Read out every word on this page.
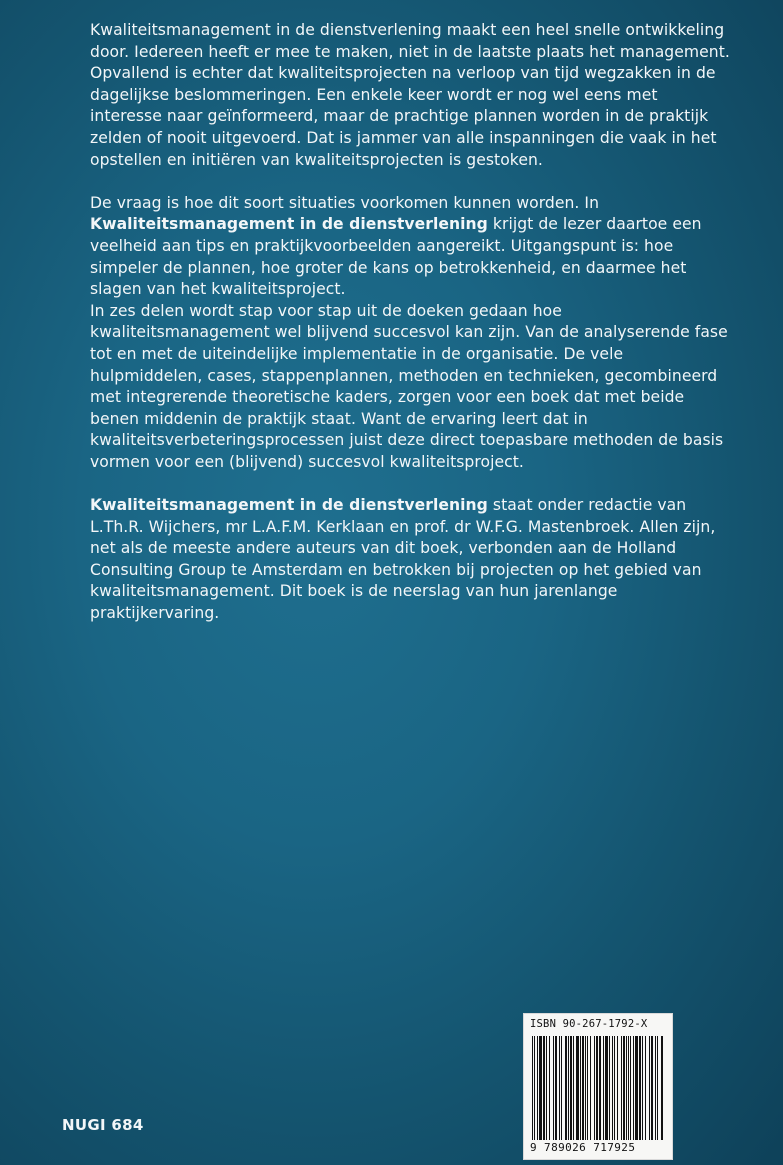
Kwaliteitsmanagement in de dienstverlening maakt een heel snelle ontwikkeling door. Iedereen heeft er mee te maken, niet in de laatste plaats het management. Opvallend is echter dat kwaliteitsprojecten na verloop van tijd wegzakken in de dagelijkse beslommeringen. Een enkele keer wordt er nog wel eens met interesse naar geïnformeerd, maar de prachtige plannen worden in de praktijk zelden of nooit uitgevoerd. Dat is jammer van alle inspanningen die vaak in het opstellen en initiëren van kwaliteitsprojecten is gestoken.

De vraag is hoe dit soort situaties voorkomen kunnen worden. In Kwaliteitsmanagement in de dienstverlening krijgt de lezer daartoe een veelheid aan tips en praktijkvoorbeelden aangereikt. Uitgangspunt is: hoe simpeler de plannen, hoe groter de kans op betrokkenheid, en daarmee het slagen van het kwaliteitsproject.

In zes delen wordt stap voor stap uit de doeken gedaan hoe kwaliteitsmanagement wel blijvend succesvol kan zijn. Van de analyserende fase tot en met de uiteindelijke implementatie in de organisatie. De vele hulpmiddelen, cases, stappenplannen, methoden en technieken, gecombineerd met integrerende theoretische kaders, zorgen voor een boek dat met beide benen middenin de praktijk staat. Want de ervaring leert dat in kwaliteitsverbeteringsprocessen juist deze direct toepasbare methoden de basis vormen voor een (blijvend) succesvol kwaliteitsproject.

Kwaliteitsmanagement in de dienstverlening staat onder redactie van L.Th.R. Wijchers, mr L.A.F.M. Kerklaan en prof. dr W.F.G. Mastenbroek. Allen zijn, net als de meeste andere auteurs van dit boek, verbonden aan de Holland Consulting Group te Amsterdam en betrokken bij projecten op het gebied van kwaliteitsmanagement. Dit boek is de neerslag van hun jarenlange praktijkervaring.

NUGI 684
ISBN 90-267-1792-X
9 789026 717925
